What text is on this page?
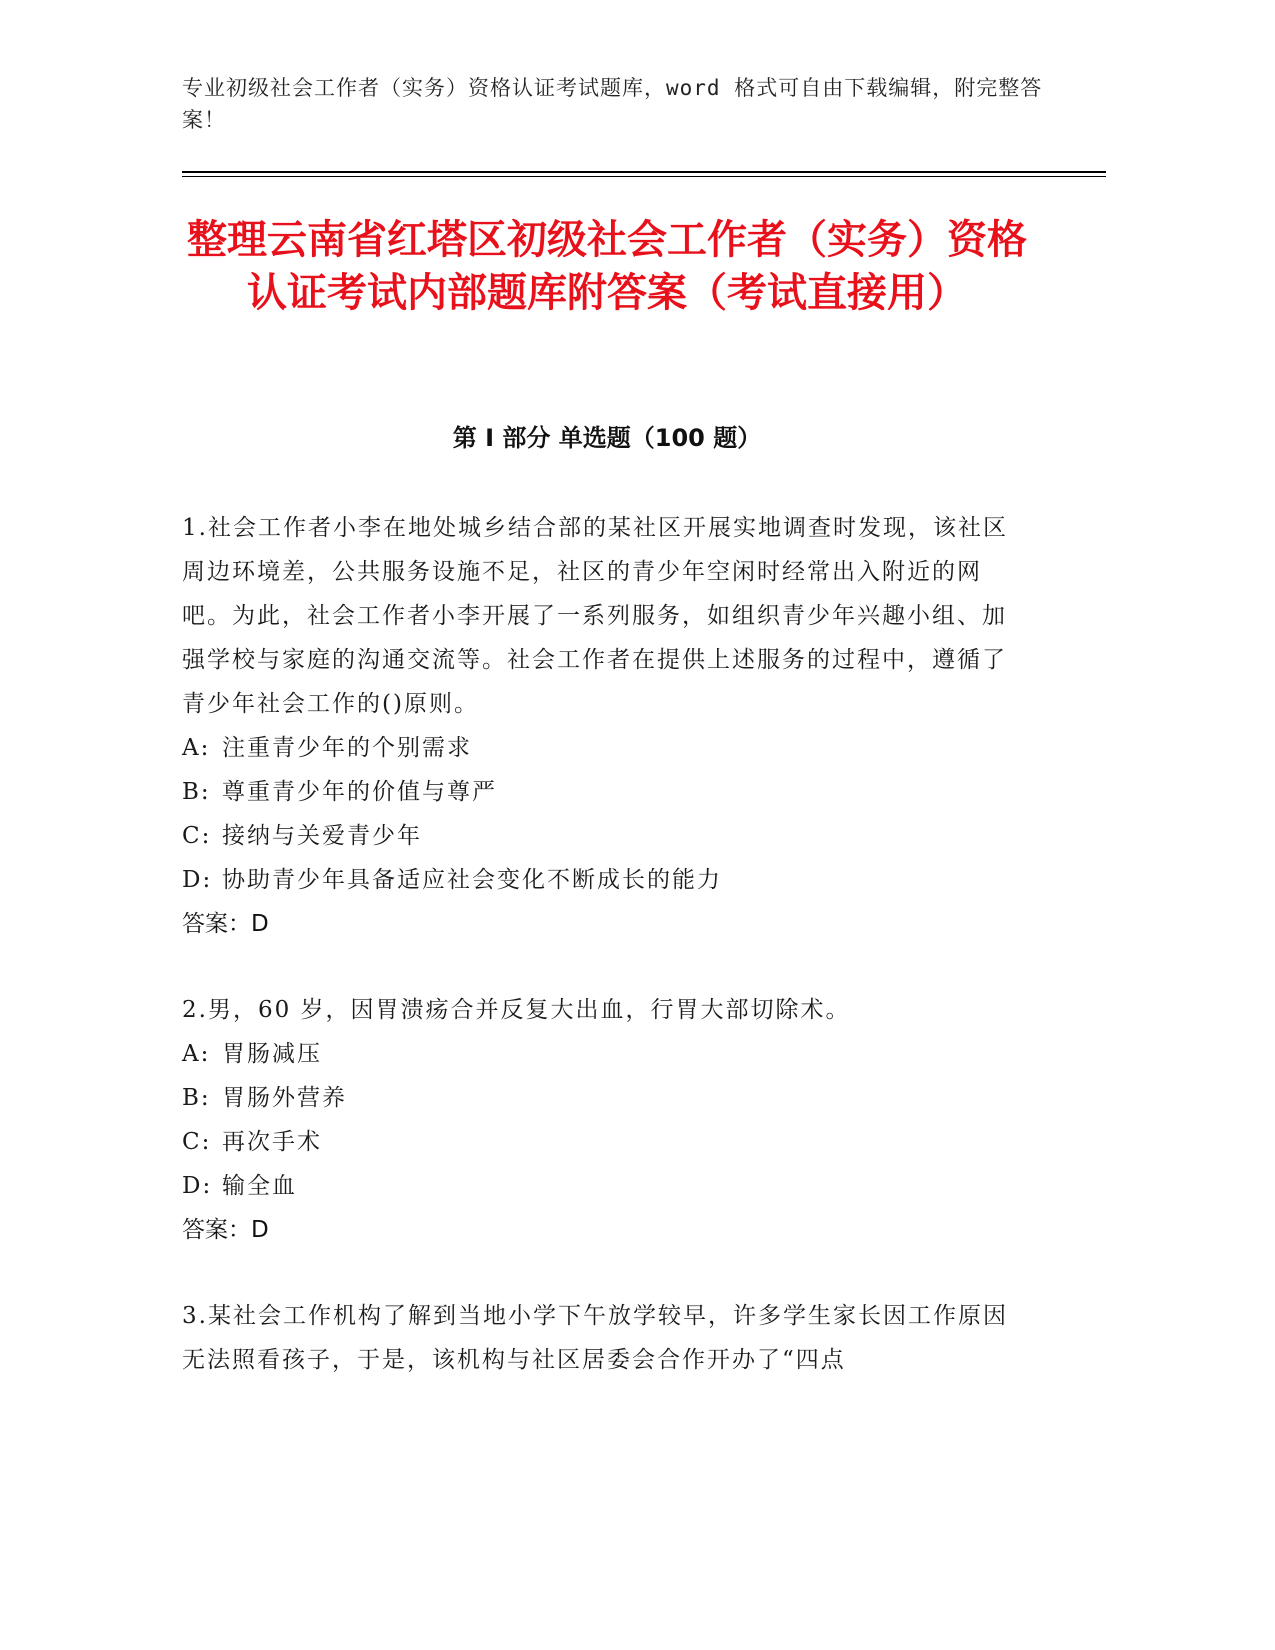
专业初级社会工作者（实务）资格认证考试题库，word 格式可自由下载编辑，附完整答案！
整理云南省红塔区初级社会工作者（实务）资格认证考试内部题库附答案（考试直接用）
第 I 部分 单选题（100 题）

1.社会工作者小李在地处城乡结合部的某社区开展实地调查时发现，该社区周边环境差，公共服务设施不足，社区的青少年空闲时经常出入附近的网吧。为此，社会工作者小李开展了一系列服务，如组织青少年兴趣小组、加强学校与家庭的沟通交流等。社会工作者在提供上述服务的过程中，遵循了青少年社会工作的()原则。

A: 注重青少年的个别需求

B: 尊重青少年的价值与尊严

C: 接纳与关爱青少年

D: 协助青少年具备适应社会变化不断成长的能力

答案：D

2.男，60 岁，因胃溃疡合并反复大出血，行胃大部切除术。

A: 胃肠减压

B: 胃肠外营养

C: 再次手术

D: 输全血

答案：D

3.某社会工作机构了解到当地小学下午放学较早，许多学生家长因工作原因无法照看孩子，于是，该机构与社区居委会合作开办了“四点
